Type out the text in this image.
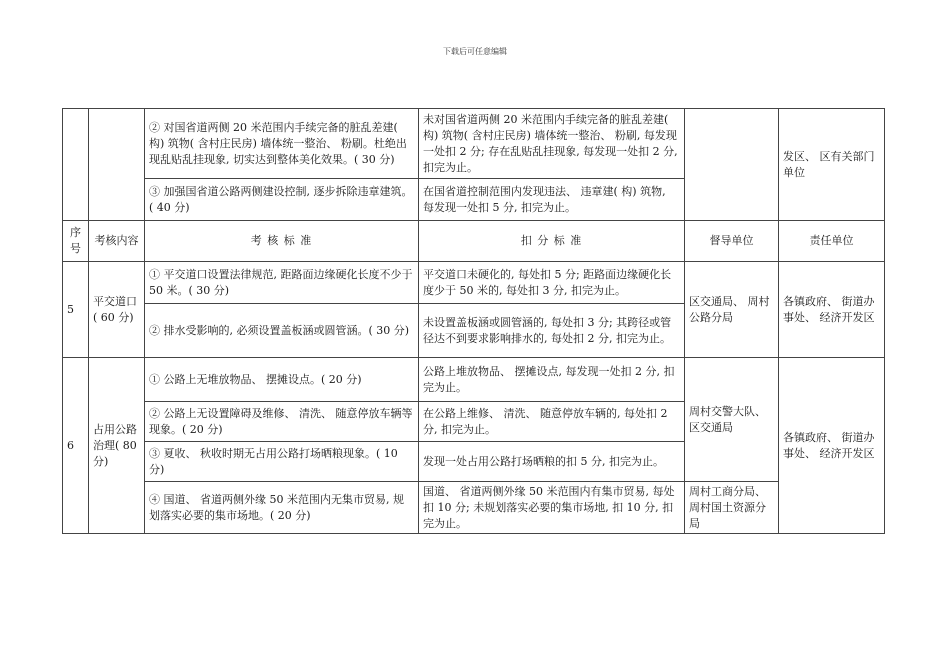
下载后可任意编辑
		② 对国省道两侧 20 米范围内手续完备的脏乱差建( 构) 筑物( 含村庄民房) 墙体统一整治、 粉刷。杜绝出现乱贴乱挂现象, 切实达到整体美化效果。( 30 分)	未对国省道两侧 20 米范围内手续完备的脏乱差建( 构) 筑物( 含村庄民房) 墙体统一整治、 粉刷, 每发现一处扣 2 分; 存在乱贴乱挂现象, 每发现一处扣 2 分, 扣完为止。		发区、 区有关部门单位
		③ 加强国省道公路两侧建设控制, 逐步拆除违章建筑。( 40 分)	在国省道控制范围内发现违法、 违章建( 构) 筑物, 每发现一处扣 5 分, 扣完为止。		
序号	考核内容	考 核 标 准	扣 分 标 准	督导单位	责任单位
5	平交道口( 60 分)	① 平交道口设置法律规范, 距路面边缘硬化长度不少于 50 米。( 30 分)	平交道口未硬化的, 每处扣 5 分; 距路面边缘硬化长度少于 50 米的, 每处扣 3 分, 扣完为止。	区交通局、 周村公路分局	各镇政府、 街道办事处、 经济开发区
		② 排水受影响的, 必须设置盖板涵或圆管涵。( 30 分)	未设置盖板涵或圆管涵的, 每处扣 3 分; 其跨径或管径达不到要求影响排水的, 每处扣 2 分, 扣完为止。		
6	占用公路治理( 80 分)	① 公路上无堆放物品、 摆摊设点。( 20 分)	公路上堆放物品、 摆摊设点, 每发现一处扣 2 分, 扣完为止。	周村交警大队、 区交通局	各镇政府、 街道办事处、 经济开发区
		② 公路上无设置障碍及维修、 清洗、 随意停放车辆等现象。( 20 分)	在公路上维修、 清洗、 随意停放车辆的, 每处扣 2 分, 扣完为止。		
		③ 夏收、 秋收时期无占用公路打场晒粮现象。( 10 分)	发现一处占用公路打场晒粮的扣 5 分, 扣完为止。		
		④ 国道、 省道两侧外缘 50 米范围内无集市贸易, 规划落实必要的集市场地。( 20 分)	国道、 省道两侧外缘 50 米范围内有集市贸易, 每处扣 10 分; 未规划落实必要的集市场地, 扣 10 分, 扣完为止。	周村工商分局、 周村国土资源分局	
